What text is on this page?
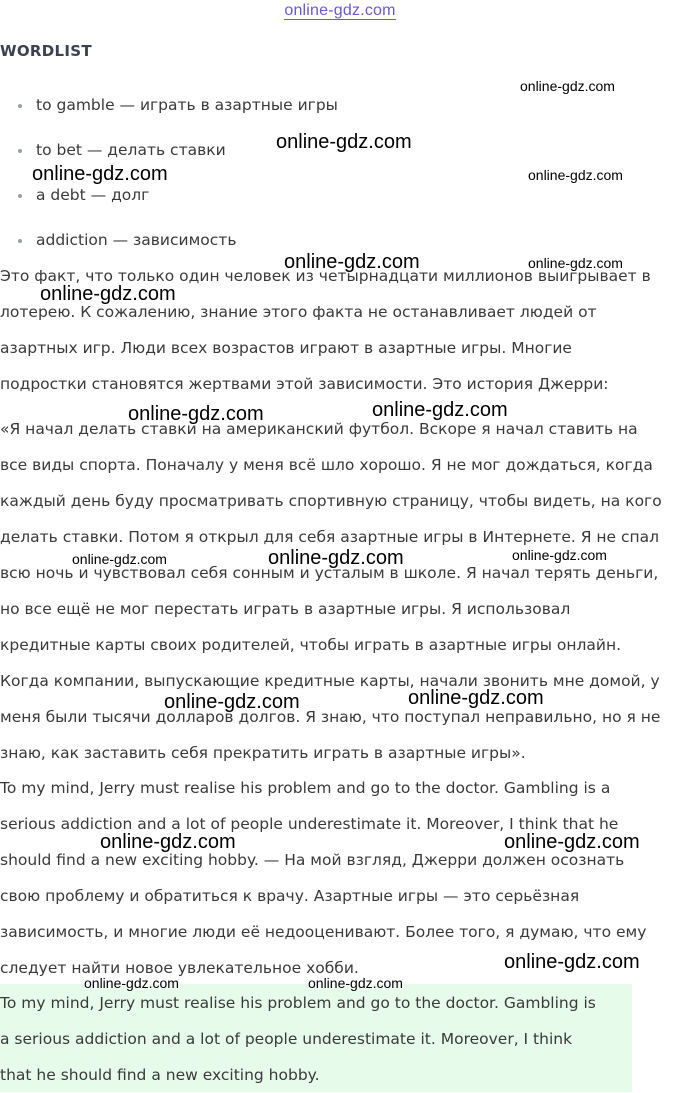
online-gdz.com
WORDLIST
to gamble — играть в азартные игры
to bet — делать ставки
a debt — долг
addiction — зависимость

Это факт, что только один человек из четырнадцати миллионов выигрывает в

лотерею. К сожалению, знание этого факта не останавливает людей от

азартных игр. Люди всех возрастов играют в азартные игры. Многие

подростки становятся жертвами этой зависимости. Это история Джерри:

«Я начал делать ставки на американский футбол. Вскоре я начал ставить на

все виды спорта. Поначалу у меня всё шло хорошо. Я не мог дождаться, когда

каждый день буду просматривать спортивную страницу, чтобы видеть, на кого

делать ставки. Потом я открыл для себя азартные игры в Интернете. Я не спал

всю ночь и чувствовал себя сонным и усталым в школе. Я начал терять деньги,

но все ещё не мог перестать играть в азартные игры. Я использовал

кредитные карты своих родителей, чтобы играть в азартные игры онлайн.

Когда компании, выпускающие кредитные карты, начали звонить мне домой, у

меня были тысячи долларов долгов. Я знаю, что поступал неправильно, но я не

знаю, как заставить себя прекратить играть в азартные игры».

To my mind, Jerry must realise his problem and go to the doctor. Gambling is a

serious addiction and a lot of people underestimate it. Moreover, I think that he

should find a new exciting hobby. — На мой взгляд, Джерри должен осознать

свою проблему и обратиться к врачу. Азартные игры — это серьёзная

зависимость, и многие люди её недооценивают. Более того, я думаю, что ему

следует найти новое увлекательное хобби.

To my mind, Jerry must realise his problem and go to the doctor. Gambling is

a serious addiction and a lot of people underestimate it. Moreover, I think

that he should find a new exciting hobby.

online-gdz.com
online-gdz.com
online-gdz.com	online-gdz.com
online-gdz.com	online-gdz.com
online-gdz.com
online-gdz.com	online-gdz.com
online-gdz.com	online-gdz.com	online-gdz.com
online-gdz.com	online-gdz.com
online-gdz.com	online-gdz.com
online-gdz.com
online-gdz.com	online-gdz.com
